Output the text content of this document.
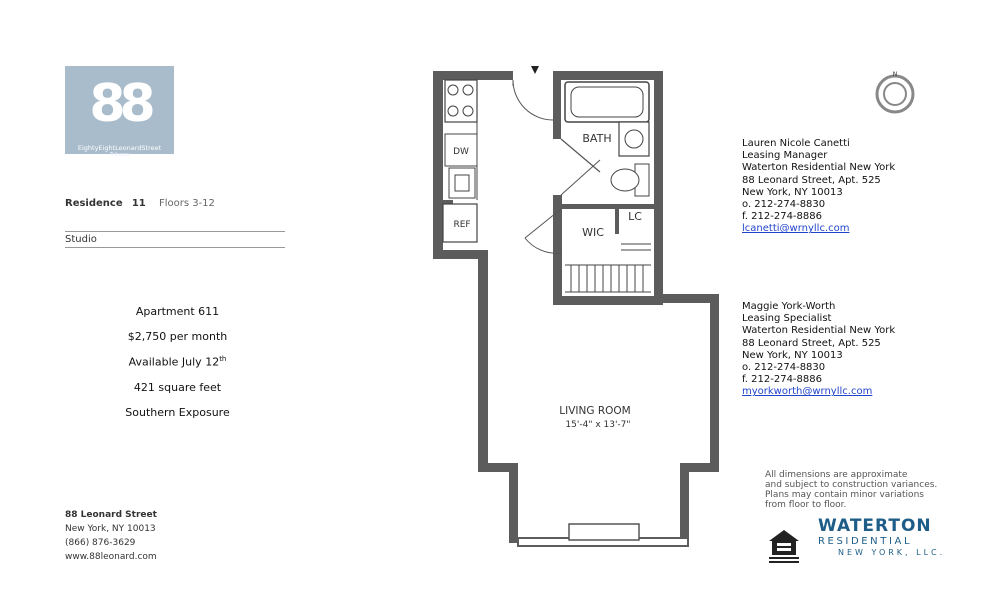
88
EightyEightLeonardStreet
Tribeca
Residence 11 Floors 3-12
Studio
Apartment 611
$2,750 per month
Available July 12th
421 square feet
Southern Exposure
88 Leonard Street
New York, NY 10013
(866) 876-3629
www.88leonard.com
N
DW
REF
BATH
LC
WIC
LIVING ROOM
15'-4" x 13'-7"
Lauren Nicole Canetti
Leasing Manager
Waterton Residential New York
88 Leonard Street, Apt. 525
New York, NY 10013
o. 212-274-8830
f. 212-274-8886
lcanetti@wrnyllc.com
Maggie York-Worth
Leasing Specialist
Waterton Residential New York
88 Leonard Street, Apt. 525
New York, NY 10013
o. 212-274-8830
f. 212-274-8886
myorkworth@wrnyllc.com
All dimensions are approximate
and subject to construction variances.
Plans may contain minor variations
from floor to floor.
WATERTON
RESIDENTIAL
NEW YORK, LLC.
